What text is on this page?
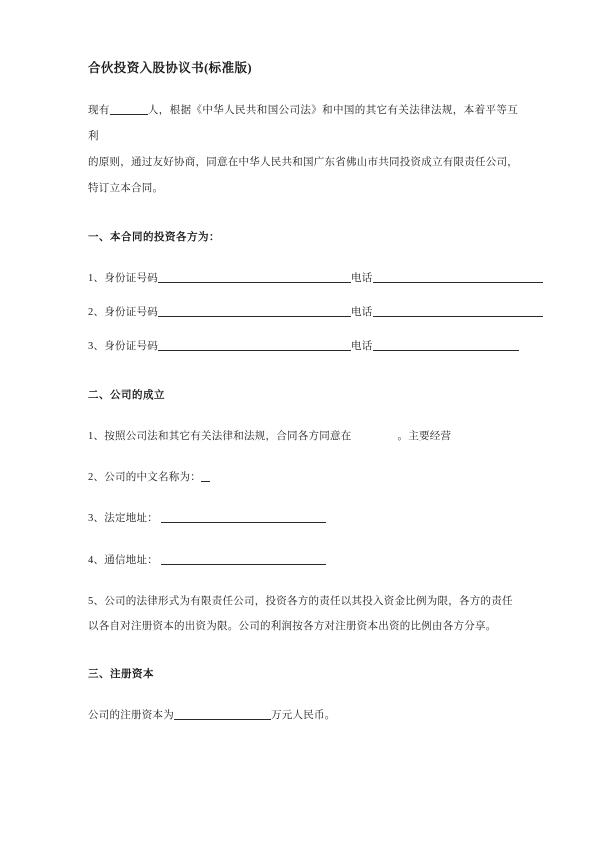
合伙投资入股协议书(标准版)

现有	人，根据《中华人民共和国公司法》和中国的其它有关法律法规，本着平等互利

的原则，通过友好协商，同意在中华人民共和国广东省佛山市共同投资成立有限责任公司，

特订立本合同。

一、本合同的投资各方为：

1、身份证号码	电话

2、身份证号码	电话

3、身份证号码	电话

二、公司的成立

1、按照公司法和其它有关法律和法规，合同各方同意在	。主要经营

2、公司的中文名称为：

3、法定地址：

4、通信地址：

5、公司的法律形式为有限责任公司，投资各方的责任以其投入资金比例为限，各方的责任

以各自对注册资本的出资为限。公司的利润按各方对注册资本出资的比例由各方分享。

三、注册资本

公司的注册资本为	万元人民币。
